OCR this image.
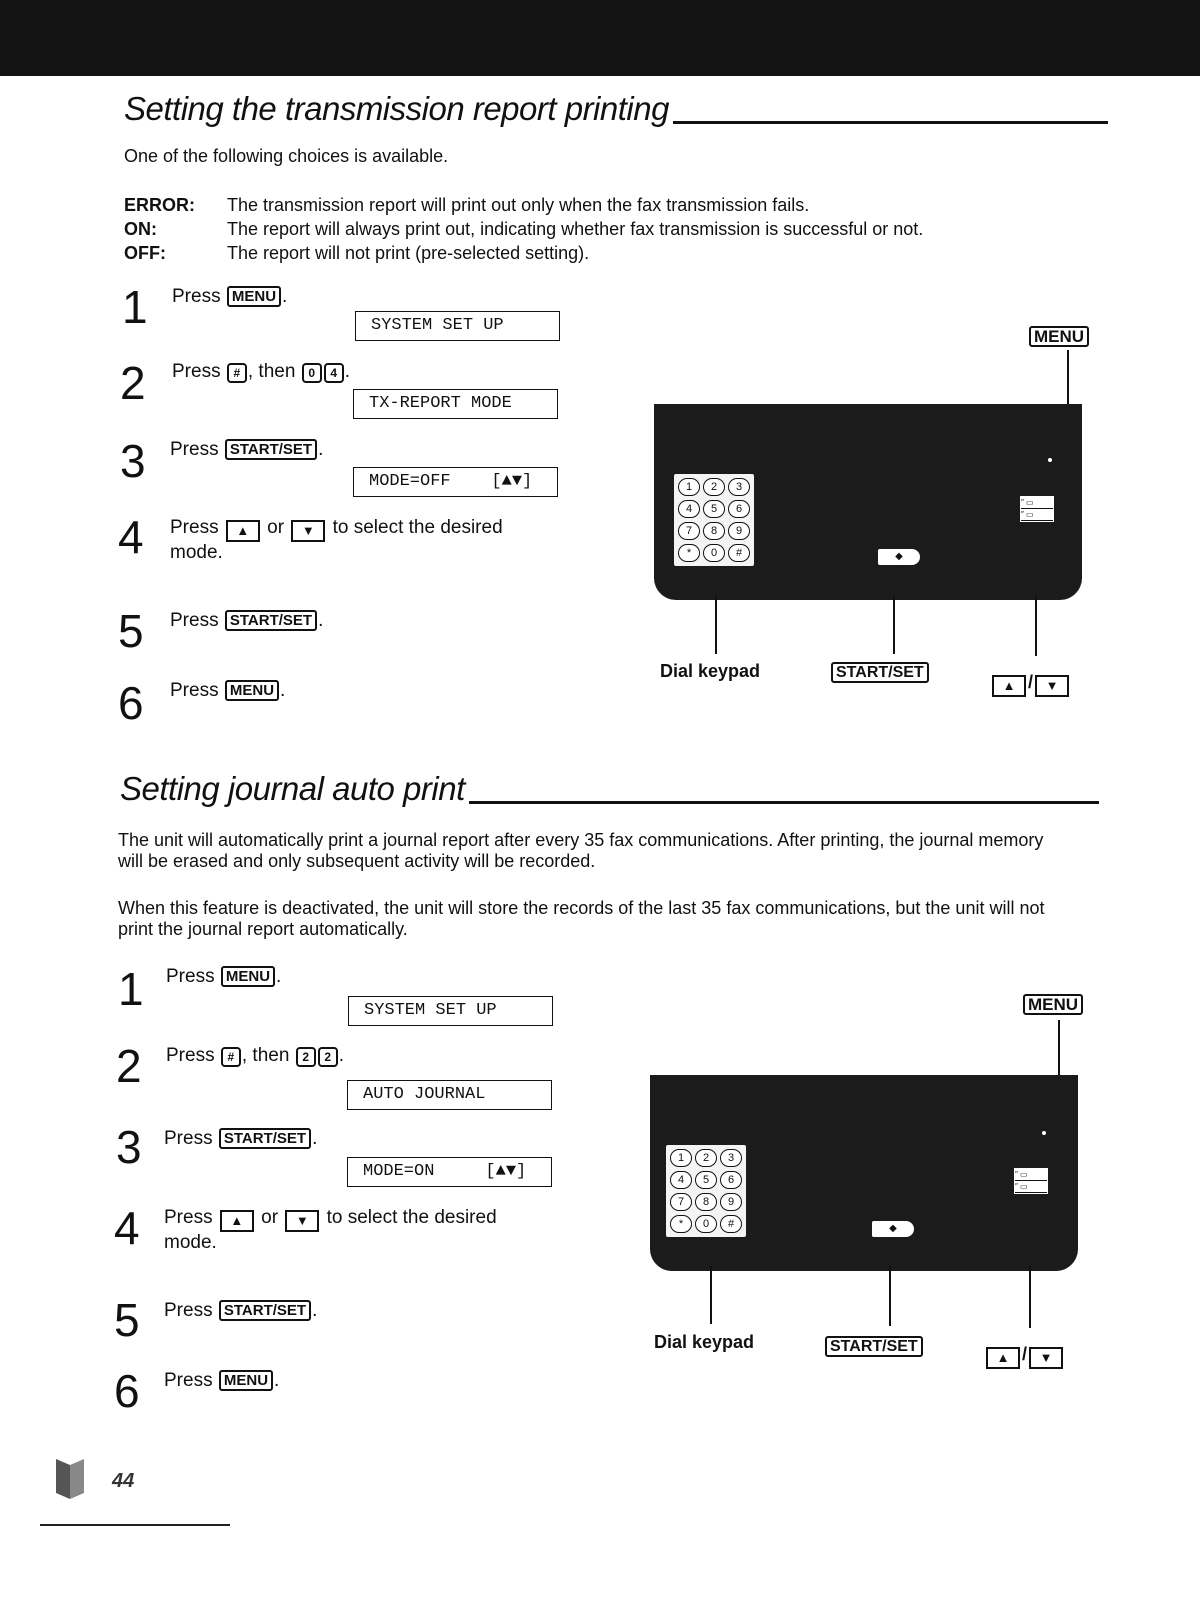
Setting the transmission report printing
One of the following choices is available.
ERROR:	The transmission report will print out only when the fax transmission fails.
ON:	The report will always print out, indicating whether fax transmission is successful or not.
OFF:	The report will not print (pre-selected setting).
1 Press MENU .
SYSTEM SET UP
2 Press # , then 0 4 .
TX-REPORT MODE
3 Press START/SET .
MODE=OFF    [▲▼]
4 Press ▲ or ▼ to select the desired
mode.
5 Press START/SET .
6 Press MENU .
MENU
1	2	3
4	5	6
7	8	9
*	0	#	◆
″ ▭
″ ▭
Dial keypad	START/SET
▲ / ▼
Setting journal auto print
The unit will automatically print a journal report after every 35 fax communications. After printing, the journal memory will be erased and only subsequent activity will be recorded.
When this feature is deactivated, the unit will store the records of the last 35 fax communications, but the unit will not print the journal report automatically.
1 Press MENU .
SYSTEM SET UP
2 Press # , then 2 2 .
AUTO JOURNAL
3 Press START/SET .
MODE=ON     [▲▼]
4 Press ▲ or ▼ to select the desired
mode.
5 Press START/SET .
6 Press MENU .
MENU
1	2	3
4	5	6
7	8	9
*	0	#	◆
″ ▭
″ ▭
Dial keypad	START/SET
▲ / ▼
44
